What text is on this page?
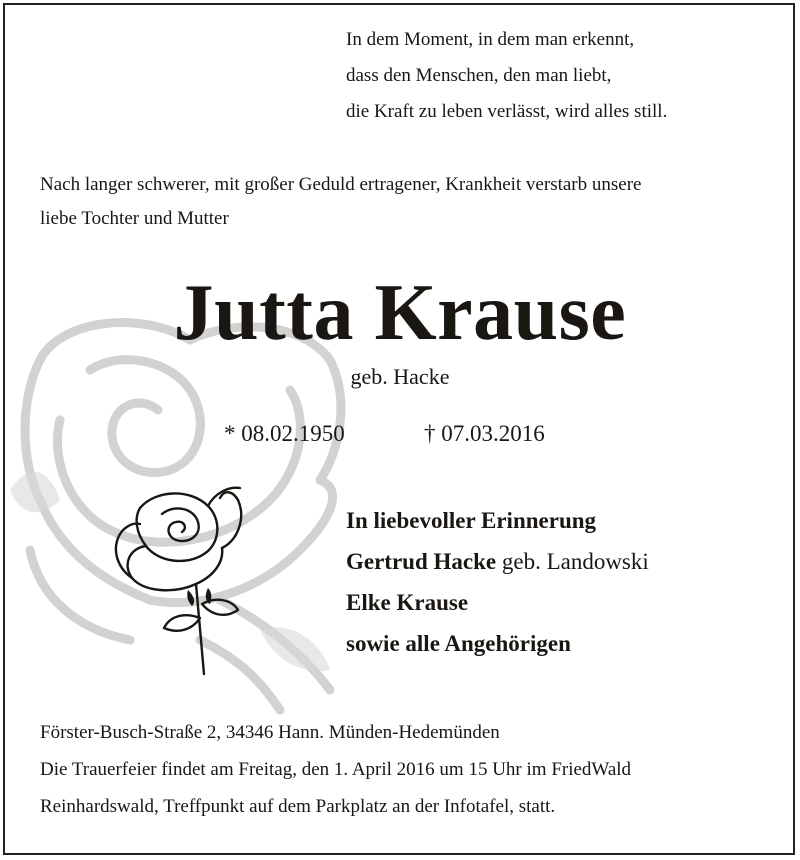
In dem Moment, in dem man erkennt,
dass den Menschen, den man liebt,
die Kraft zu leben verlässt, wird alles still.
Nach langer schwerer, mit großer Geduld ertragener, Krankheit verstarb unsere
liebe Tochter und Mutter
Jutta Krause
geb. Hacke
* 08.02.1950	† 07.03.2016
In liebevoller Erinnerung
Gertrud Hacke geb. Landowski
Elke Krause
sowie alle Angehörigen
Förster-Busch-Straße 2, 34346 Hann. Münden-Hedemünden
Die Trauerfeier findet am Freitag, den 1. April 2016 um 15 Uhr im FriedWald
Reinhardswald, Treffpunkt auf dem Parkplatz an der Infotafel, statt.
